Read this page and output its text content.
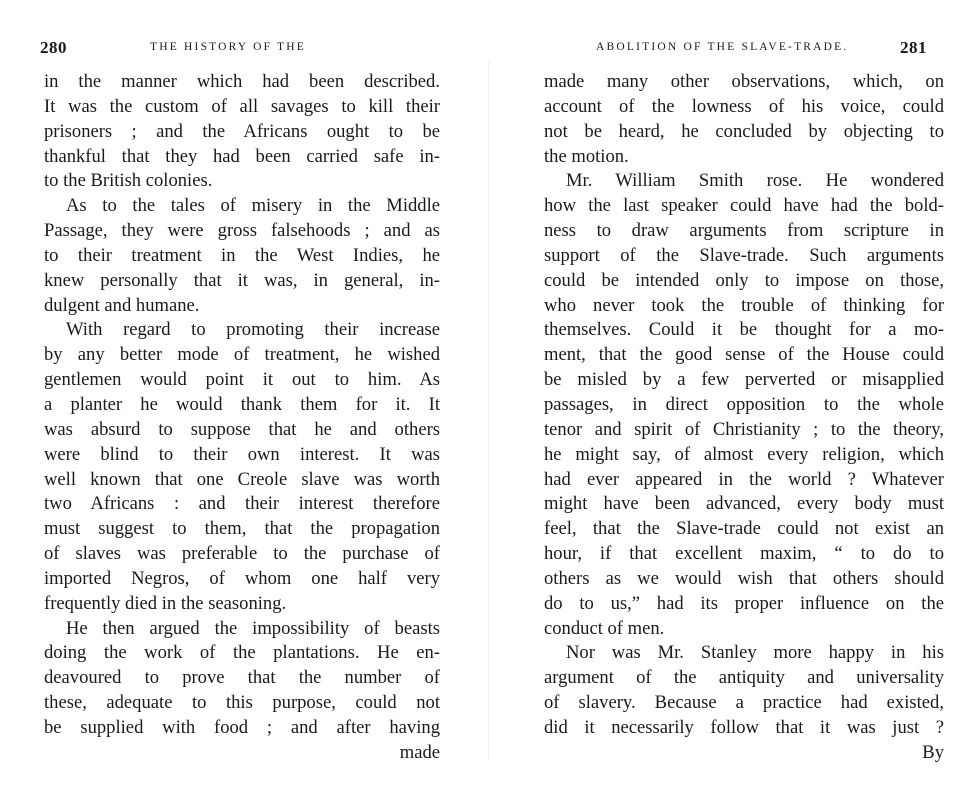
280	THE HISTORY OF THE
in the manner which had been described.
It was the custom of all savages to kill their
prisoners ; and the Africans ought to be
thankful that they had been carried safe in-
to the British colonies.
As to the tales of misery in the Middle
Passage, they were gross falsehoods ; and as
to their treatment in the West Indies, he
knew personally that it was, in general, in-
dulgent and humane.
With regard to promoting their increase
by any better mode of treatment, he wished
gentlemen would point it out to him. As
a planter he would thank them for it. It
was absurd to suppose that he and others
were blind to their own interest. It was
well known that one Creole slave was worth
two Africans : and their interest therefore
must suggest to them, that the propagation
of slaves was preferable to the purchase of
imported Negros, of whom one half very
frequently died in the seasoning.
He then argued the impossibility of beasts
doing the work of the plantations. He en-
deavoured to prove that the number of
these, adequate to this purpose, could not
be supplied with food ; and after having
made
ABOLITION OF THE SLAVE-TRADE.	281
made many other observations, which, on
account of the lowness of his voice, could
not be heard, he concluded by objecting to
the motion.
Mr. William Smith rose. He wondered
how the last speaker could have had the bold-
ness to draw arguments from scripture in
support of the Slave-trade. Such arguments
could be intended only to impose on those,
who never took the trouble of thinking for
themselves. Could it be thought for a mo-
ment, that the good sense of the House could
be misled by a few perverted or misapplied
passages, in direct opposition to the whole
tenor and spirit of Christianity ; to the theory,
he might say, of almost every religion, which
had ever appeared in the world ? Whatever
might have been advanced, every body must
feel, that the Slave-trade could not exist an
hour, if that excellent maxim, “ to do to
others as we would wish that others should
do to us,” had its proper influence on the
conduct of men.
Nor was Mr. Stanley more happy in his
argument of the antiquity and universality
of slavery. Because a practice had existed,
did it necessarily follow that it was just ?
By
